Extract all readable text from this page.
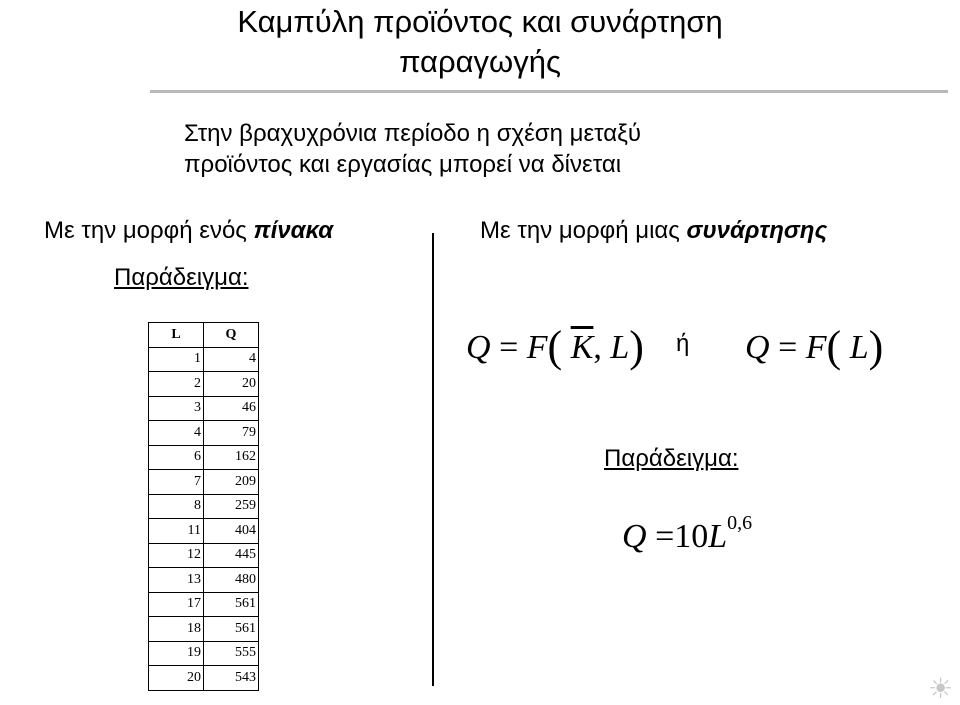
Καμπύλη προϊόντος και συνάρτηση
παραγωγής
Στην βραχυχρόνια περίοδο η σχέση μεταξύ
προϊόντος και εργασίας μπορεί να δίνεται
Με την μορφή ενός πίνακα	Με την μορφή μιας συνάρτησης
Παράδειγμα:
L	Q
1	4
2	20
3	46
4	79
6	162
7	209
8	259
11	404
12	445
13	480
17	561
18	561
19	555
20	543
Q = F( $\overline{K}$, L) ή Q = F( L)
Παράδειγμα:
$Q =10L^{0,6}$
☀
